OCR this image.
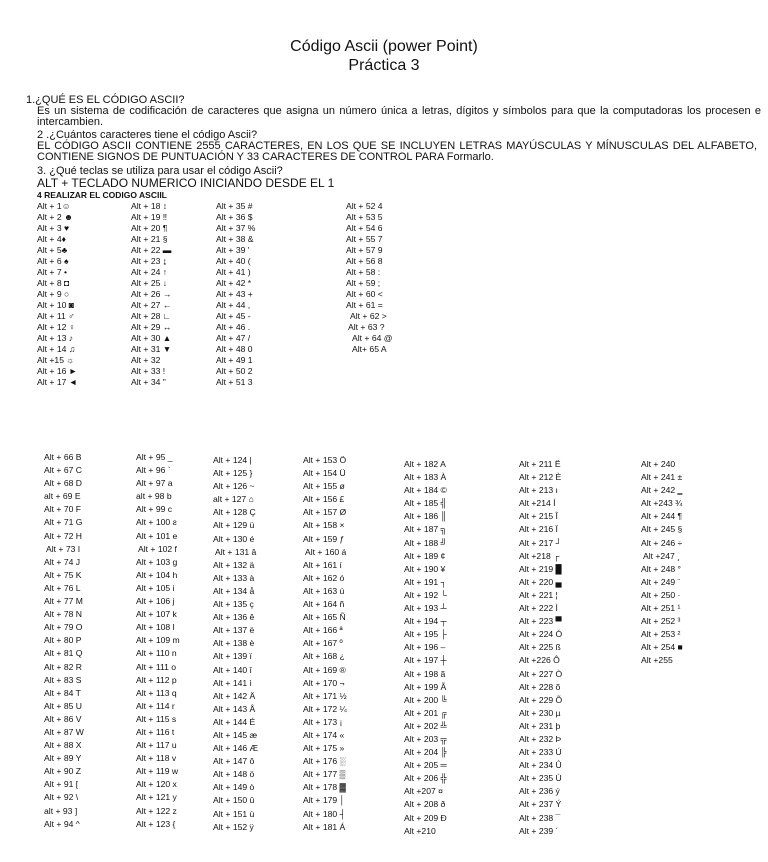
Código Ascii (power Point)
Práctica 3
1.¿QUÉ ES EL CÓDIGO ASCII?
Es un sistema de codificación de caracteres que asigna un número única a letras, dígitos y símbolos para que la computadoras los procesen e intercambien.
2 .¿Cuántos caracteres tiene el código Ascii?
EL CÓDIGO ASCII CONTIENE 2555 CARACTERES, EN LOS QUE SE INCLUYEN LETRAS MAYÚSCULAS Y MÍNUSCULAS DEL ALFABETO, CONTIENE SIGNOS DE PUNTUACIÓN Y 33 CARACTERES DE CONTROL PARA Formarlo.
3. ¿Qué teclas se utiliza para usar el código Ascii?
ALT + TECLADO NUMERICO INICIANDO DESDE EL 1
4 REALIZAR EL CODIGO ASCIIL
Alt + 1☺
Alt + 2 ☻
Alt + 3 ♥
Alt + 4♦
Alt + 5♣
Alt + 6 ♠
Alt + 7 •
Alt + 8 ◘
Alt + 9 ○
Alt + 10 ◙
Alt + 11 ♂
Alt + 12 ♀
Alt + 13 ♪
Alt + 14 ♫
Alt +15 ☼
Alt + 16 ►
Alt + 17 ◄
Alt + 18 ↕
Alt + 19 ‼
Alt + 20 ¶
Alt + 21 §
Alt + 22 ▬
Alt + 23 ↨
Alt + 24 ↑
Alt + 25 ↓
Alt + 26 →
Alt + 27 ←
Alt + 28 ∟
Alt + 29 ↔
Alt + 30 ▲
Alt + 31 ▼
Alt + 32
Alt + 33 !
Alt + 34 "
Alt + 35 #
Alt + 36 $
Alt + 37 %
Alt + 38 &
Alt + 39 '
Alt + 40 (
Alt + 41 )
Alt + 42 *
Alt + 43 +
Alt + 44 ,
Alt + 45 -
Alt + 46 .
Alt + 47 /
Alt + 48 0
Alt + 49 1
Alt + 50 2
Alt + 51 3
Alt + 52 4
Alt + 53 5
Alt + 54 6
Alt + 55 7
Alt + 57 9
Alt + 56 8
Alt + 58 :
Alt + 59 ;
Alt + 60 <
Alt + 61 =
Alt + 62 >
Alt + 63 ?
Alt + 64 @
Alt+ 65 A
Alt + 66 B
Alt + 67 C
Alt + 68 D
alt + 69 E
Alt + 70 F
Alt + 71 G
Alt + 72 H
Alt + 73 I
Alt + 74 J
Alt + 75 K
Alt + 76 L
Alt + 77 M
Alt + 78 N
Alt + 79 O
Alt + 80 P
Alt + 81 Q
Alt + 82 R
Alt + 83 S
Alt + 84 T
Alt + 85 U
Alt + 86 V
Alt + 87 W
Alt + 88 X
Alt + 89 Y
Alt + 90 Z
Alt + 91 [
Alt + 92 \
alt + 93 ]
Alt + 94 ^
Alt + 95 _
Alt + 96 `
Alt + 97 a
alt + 98 b
Alt + 99 c
Alt + 100 ƨ
Alt + 101 e
Alt + 102 f
Alt + 103 g
Alt + 104 h
Alt + 105 i
Alt + 106 j
Alt + 107 k
Alt + 108 l
Alt + 109 m
Alt + 110 n
Alt + 111 o
Alt + 112 p
Alt + 113 q
Alt + 114 r
Alt + 115 s
Alt + 116 t
Alt + 117 u
Alt + 118 v
Alt + 119 w
Alt + 120 x
Alt + 121 y
Alt + 122 z
Alt + 123 {
Alt + 124 |
Alt + 125 }
Alt + 126 ~
alt + 127 ⌂
Alt + 128 Ç
Alt + 129 ü
Alt + 130 é
Alt + 131 â
Alt + 132 ä
Alt + 133 à
Alt + 134 å
Alt + 135 ç
Alt + 136 ê
Alt + 137 ë
Alt + 138 è
Alt + 139 ï
Alt + 140 î
Alt + 141 ì
Alt + 142 Ä
Alt + 143 Å
Alt + 144 É
Alt + 145 æ
Alt + 146 Æ
Alt + 147 ô
Alt + 148 ö
Alt + 149 ò
Alt + 150 û
Alt + 151 ù
Alt + 152 ÿ
Alt + 153 Ö
Alt + 154 Ü
Alt + 155 ø
Alt + 156 £
Alt + 157 Ø
Alt + 158 ×
Alt + 159 ƒ
Alt + 160 á
Alt + 161 í
Alt + 162 ó
Alt + 163 ú
Alt + 164 ñ
Alt + 165 Ñ
Alt + 166 ª
Alt + 167 º
Alt + 168 ¿
Alt + 169 ®
Alt + 170 ¬
Alt + 171 ½
Alt + 172 ¼
Alt + 173 ¡
Alt + 174 «
Alt + 175 »
Alt + 176 ░
Alt + 177 ▒
Alt + 178 ▓
Alt + 179 │
Alt + 180 ┤
Alt + 181 Á
Alt + 182 A
Alt + 183 À
Alt + 184 ©
Alt + 185 ╣
Alt + 186 ║
Alt + 187 ╗
Alt + 188 ╝
Alt + 189 ¢
Alt + 190 ¥
Alt + 191 ┐
Alt + 192 └
Alt + 193 ┴
Alt + 194 ┬
Alt + 195 ├
Alt + 196 –
Alt + 197 ┼
Alt + 198 ã
Alt + 199 Ã
Alt + 200 ╚
Alt + 201 ╔
Alt + 202 ╩
Alt + 203 ╦
Alt + 204 ╠
Alt + 205 ═
Alt + 206 ╬
Alt +207 ¤
Alt + 208 ð
Alt + 209 Ð
Alt +210
Alt + 211 Ë
Alt + 212 È
Alt + 213 ı
Alt +214 Í
Alt + 215 Î
Alt + 216 Ï
Alt + 217 ┘
Alt +218 ┌
Alt + 219 █
Alt + 220 ▄
Alt + 221 ¦
Alt + 222 Ì
Alt + 223 ▀
Alt + 224 Ó
Alt + 225 ß
Alt +226 Ô
Alt + 227 Ò
Alt + 228 õ
Alt + 229 Õ
Alt + 230 µ
Alt + 231 þ
Alt + 232 Þ
Alt + 233 Ú
Alt + 234 Û
Alt + 235 Ù
Alt + 236 ý
Alt + 237 Ý
Alt + 238 ¯
Alt + 239 ´
Alt + 240
Alt + 241 ±
Alt + 242 ‗
Alt +243 ¾
Alt + 244 ¶
Alt + 245 §
Alt + 246 ÷
Alt +247 ¸
Alt + 248 °
Alt + 249 ¨
Alt + 250 ·
Alt + 251 ¹
Alt + 252 ³
Alt + 253 ²
Alt + 254 ■
Alt +255
